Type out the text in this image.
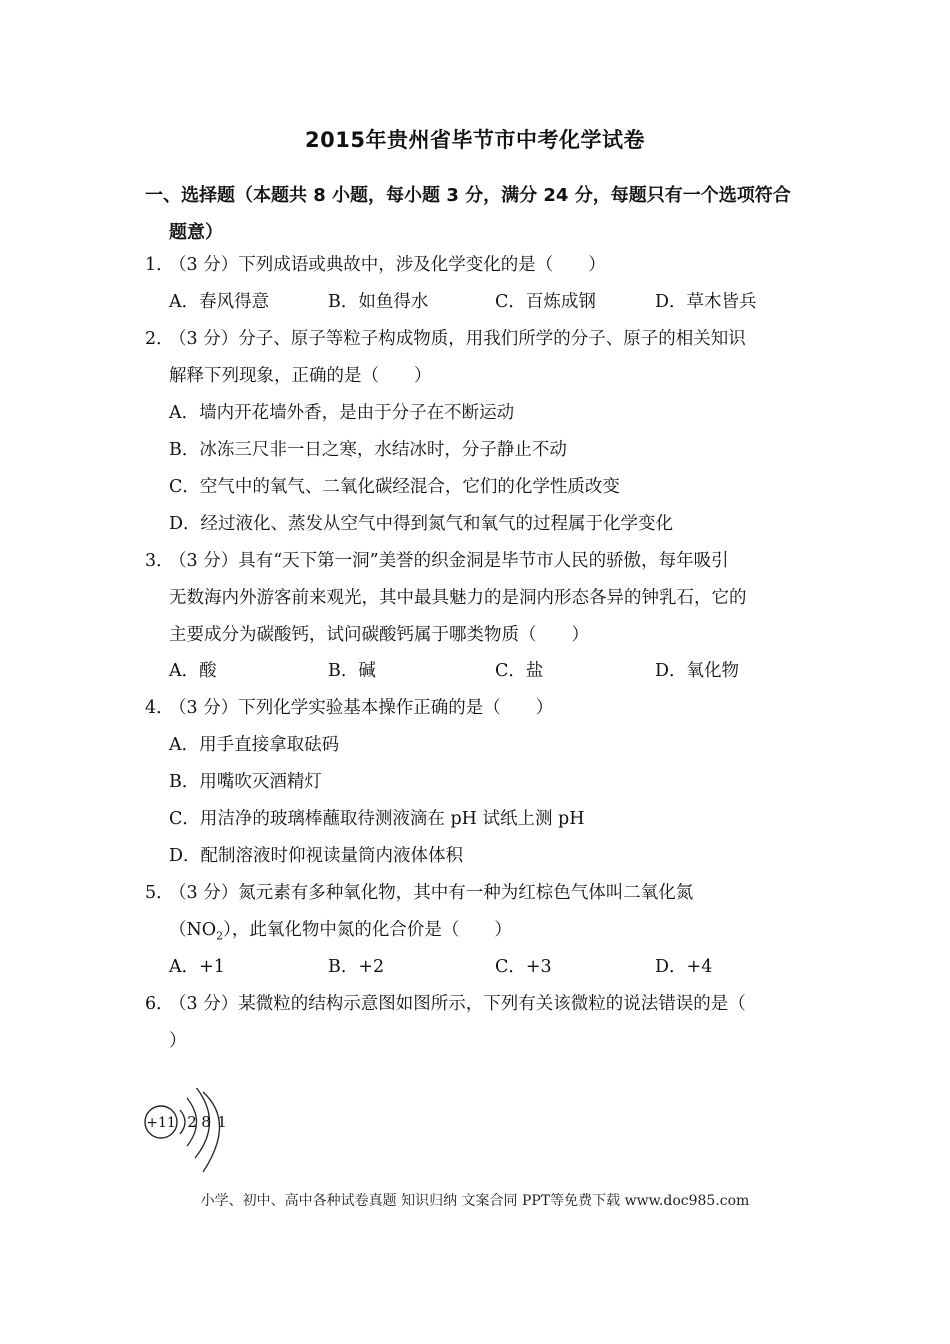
2015年贵州省毕节市中考化学试卷
一、选择题（本题共 8 小题，每小题 3 分，满分 24 分，每题只有一个选项符合
题意）
1．（3 分）下列成语或典故中，涉及化学变化的是（　　）
A．春风得意	B．如鱼得水	C．百炼成钢	D．草木皆兵
2．（3 分）分子、原子等粒子构成物质，用我们所学的分子、原子的相关知识
解释下列现象，正确的是（　　）
A．墙内开花墙外香，是由于分子在不断运动
B．冰冻三尺非一日之寒，水结冰时，分子静止不动
C．空气中的氧气、二氧化碳经混合，它们的化学性质改变
D．经过液化、蒸发从空气中得到氮气和氧气的过程属于化学变化
3．（3 分）具有“天下第一洞”美誉的织金洞是毕节市人民的骄傲，每年吸引
无数海内外游客前来观光，其中最具魅力的是洞内形态各异的钟乳石，它的
主要成分为碳酸钙，试问碳酸钙属于哪类物质（　　）
A．酸	B．碱	C．盐	D．氧化物
4．（3 分）下列化学实验基本操作正确的是（　　）
A．用手直接拿取砝码
B．用嘴吹灭酒精灯
C．用洁净的玻璃棒蘸取待测液滴在 pH 试纸上测 pH
D．配制溶液时仰视读量筒内液体体积
5．（3 分）氮元素有多种氧化物，其中有一种为红棕色气体叫二氧化氮
$(NO_2)$，此氧化物中氮的化合价是（　　）
A．+1	B．+2	C．+3	D．+4
6．（3 分）某微粒的结构示意图如图所示，下列有关该微粒的说法错误的是（
）
+11 2 8 1
小学、初中、高中各种试卷真题 知识归纳 文案合同 PPT等免费下载 www.doc985.com
